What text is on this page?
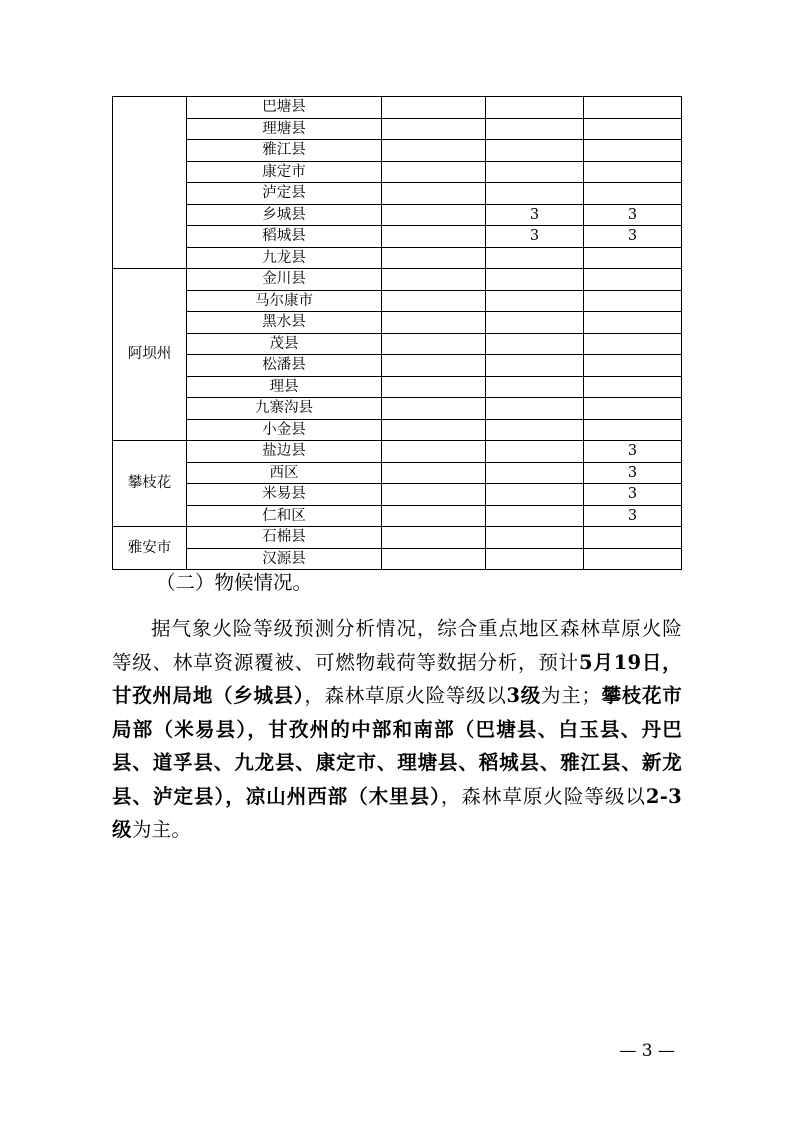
	巴塘县			
	理塘县			
	雅江县			
	康定市			
	泸定县			
	乡城县		3	3
	稻城县		3	3
	九龙县			
阿坝州	金川县			
	马尔康市			
	黑水县			
	茂县			
	松潘县			
	理县			
	九寨沟县			
	小金县			
攀枝花	盐边县			3
	西区			3
	米易县			3
	仁和区			3
雅安市	石棉县			
	汉源县			
（二）物候情况。
据气象火险等级预测分析情况，综合重点地区森林草原火险等级、林草资源覆被、可燃物载荷等数据分析，预计5月19日，甘孜州局地（乡城县），森林草原火险等级以3级为主；攀枝花市局部（米易县），甘孜州的中部和南部（巴塘县、白玉县、丹巴县、道孚县、九龙县、康定市、理塘县、稻城县、雅江县、新龙县、泸定县），凉山州西部（木里县），森林草原火险等级以2-3级为主。
— 3 —
